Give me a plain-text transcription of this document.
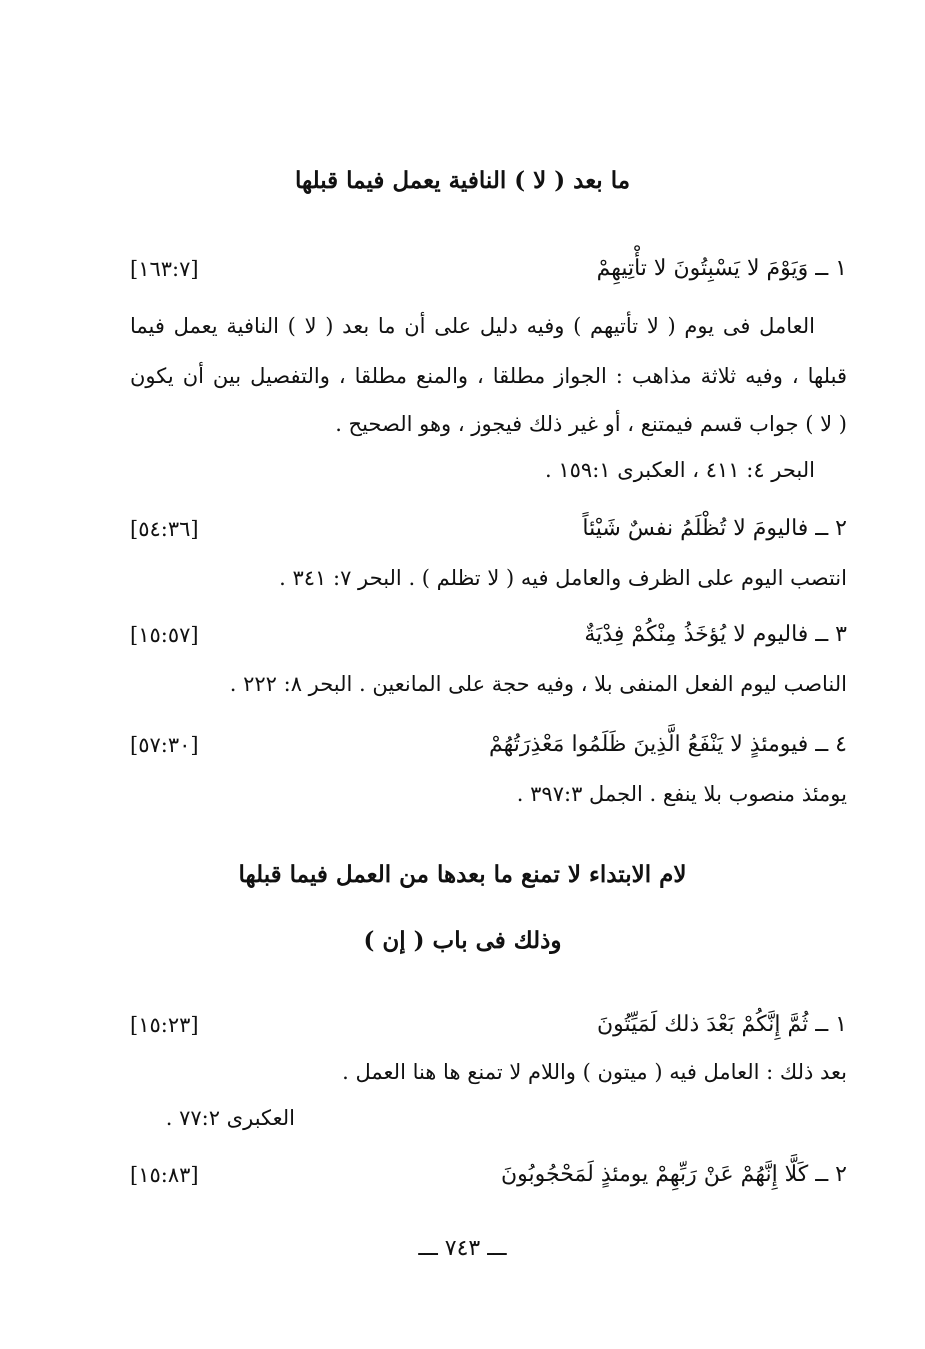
ما بعد ( لا ) النافية يعمل فيما قبلها
١ ــ وَيَوْمَ لا يَسْبِتُونَ لا تأْتِيهِمْ
[١٦٣:٧]
العامل فى يوم ( لا تأتيهم ) وفيه دليل على أن ما بعد ( لا ) النافية يعمل فيما
قبلها ، وفيه ثلاثة مذاهب : الجواز مطلقا ، والمنع مطلقا ، والتفصيل بين أن يكون
( لا ) جواب قسم فيمتنع ، أو غير ذلك فيجوز ، وهو الصحيح .
البحر ٤: ٤١١ ، العكبرى ١٥٩:١ .
٢ ــ فاليومَ لا تُظْلَمُ نفسٌ شَيْئاً
[٥٤:٣٦]
انتصب اليوم على الظرف والعامل فيه ( لا تظلم ) . البحر ٧: ٣٤١ .
٣ ــ فاليوم لا يُؤخَذُ مِنْكُمْ فِدْيَةٌ
[١٥:٥٧]
الناصب ليوم الفعل المنفى بلا ، وفيه حجة على المانعين . البحر ٨: ٢٢٢ .
٤ ــ فيومئذٍ لا يَنْفَعُ الَّذِينَ ظَلَمُوا مَعْذِرَتُهُمْ
[٥٧:٣٠]
يومئذ منصوب بلا ينفع . الجمل ٣٩٧:٣ .
لام الابتداء لا تمنع ما بعدها من العمل فيما قبلها
وذلك فى باب ( إن )
١ ــ ثُمَّ إِنَّكُمْ بَعْدَ ذلك لَمَيِّتُونَ
[١٥:٢٣]
بعد ذلك : العامل فيه ( ميتون ) واللام لا تمنع ها هنا العمل .
العكبرى ٧٧:٢ .
٢ ــ كَلَّا إِنَّهُمْ عَنْ رَبِّهِمْ يومئذٍ لَمَحْجُوبُونَ
[١٥:٨٣]
ـــ ٧٤٣ ـــ
